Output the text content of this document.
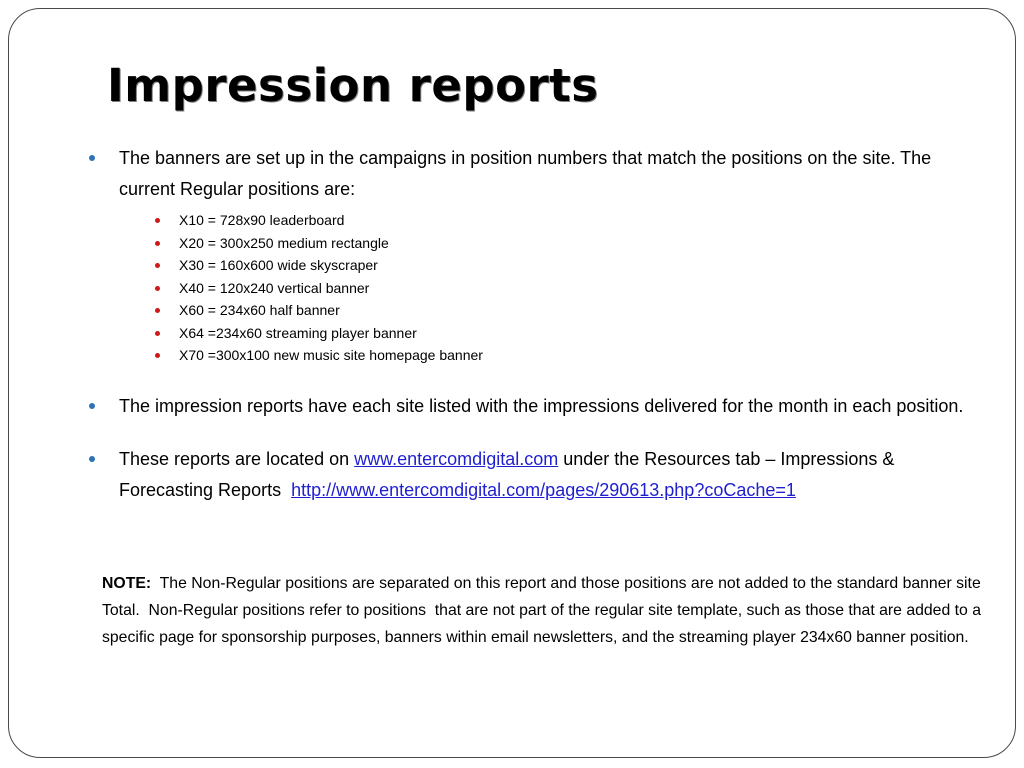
Impression reports
The banners are set up in the campaigns in position numbers that match the positions on the site. The current Regular positions are:
X10 = 728x90 leaderboard
X20 = 300x250 medium rectangle
X30 = 160x600 wide skyscraper
X40 = 120x240 vertical banner
X60 = 234x60 half banner
X64 =234x60 streaming player banner
X70 =300x100 new music site homepage banner
The impression reports have each site listed with the impressions delivered for the month in each position.
These reports are located on www.entercomdigital.com under the Resources tab – Impressions & Forecasting Reports  http://www.entercomdigital.com/pages/290613.php?coCache=1
NOTE:  The Non-Regular positions are separated on this report and those positions are not added to the standard banner site Total.  Non-Regular positions refer to positions  that are not part of the regular site template, such as those that are added to a specific page for sponsorship purposes, banners within email newsletters, and the streaming player 234x60 banner position.
